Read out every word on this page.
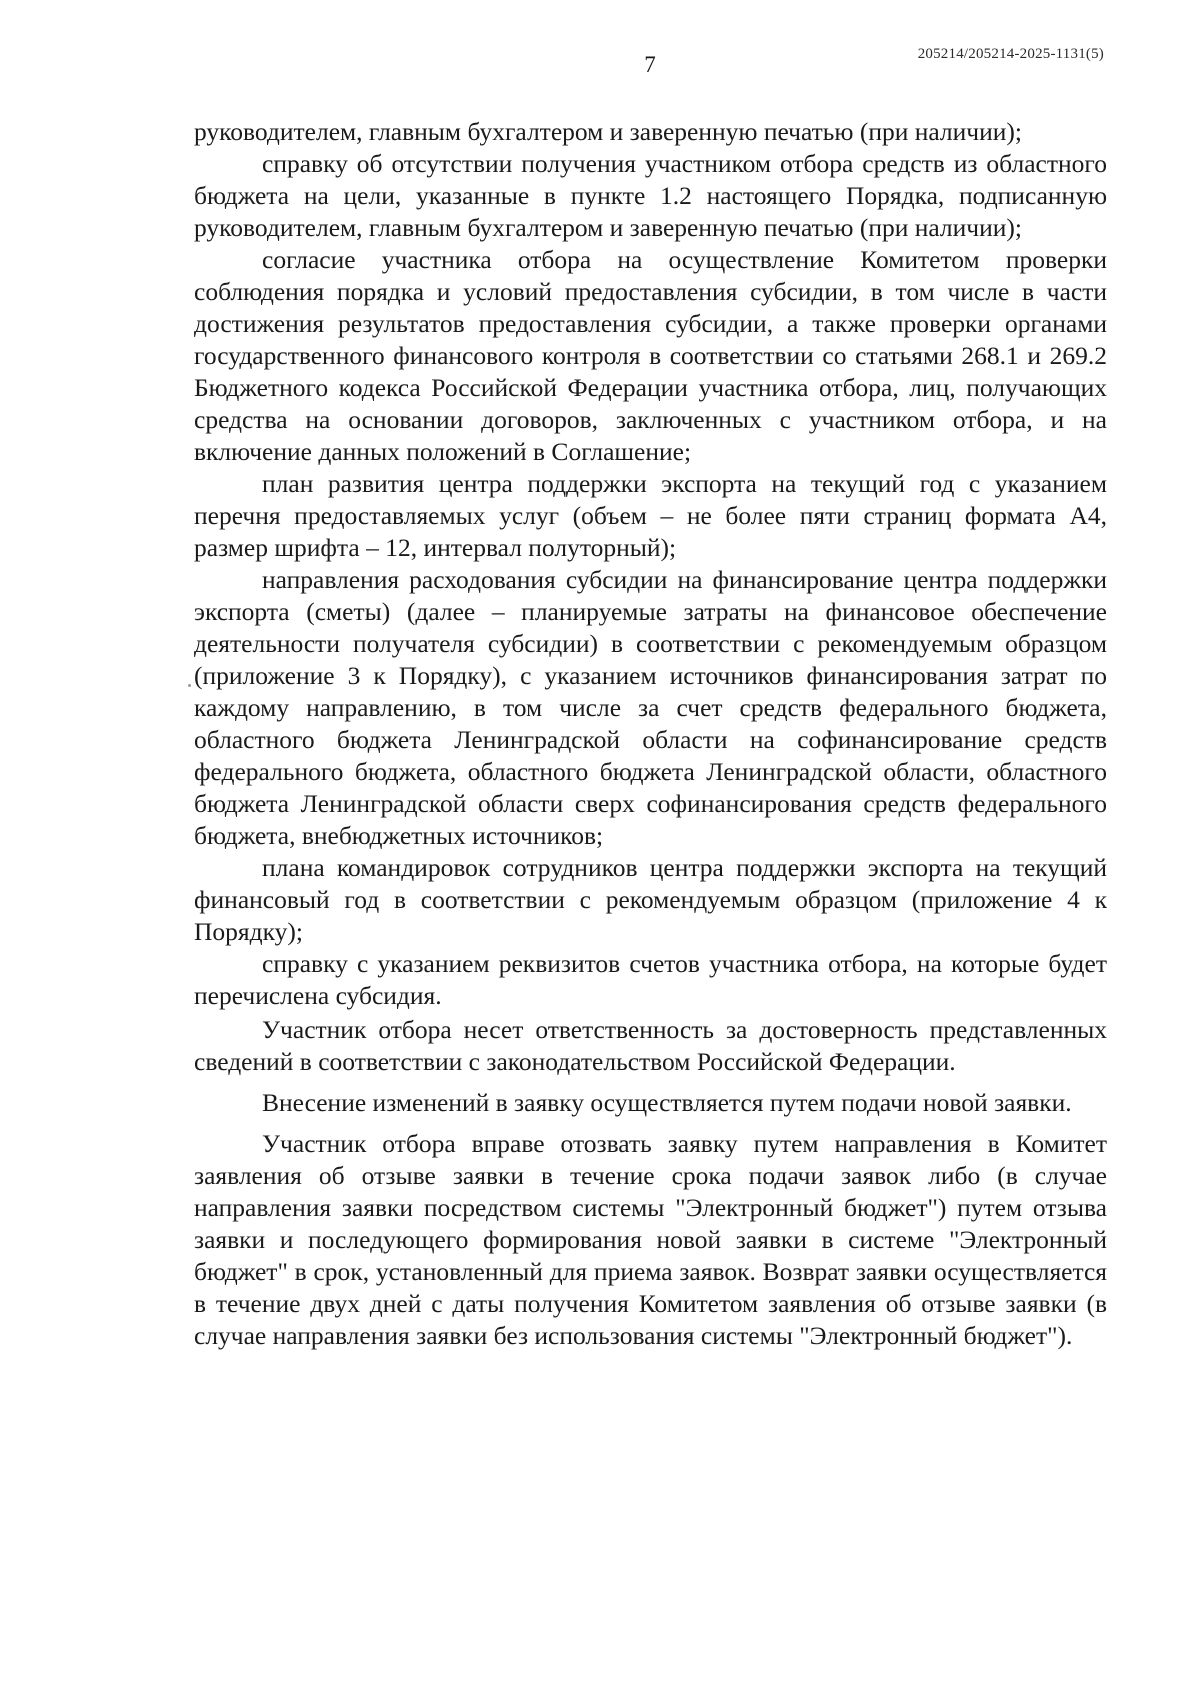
205214/205214-2025-1131(5)
7

руководителем, главным бухгалтером и заверенную печатью (при наличии);

справку об отсутствии получения участником отбора средств из областного бюджета на цели, указанные в пункте 1.2 настоящего Порядка, подписанную руководителем, главным бухгалтером и заверенную печатью (при наличии);

согласие участника отбора на осуществление Комитетом проверки соблюдения порядка и условий предоставления субсидии, в том числе в части достижения результатов предоставления субсидии, а также проверки органами государственного финансового контроля в соответствии со статьями 268.1 и 269.2 Бюджетного кодекса Российской Федерации участника отбора, лиц, получающих средства на основании договоров, заключенных с участником отбора, и на включение данных положений в Соглашение;

план развития центра поддержки экспорта на текущий год с указанием перечня предоставляемых услуг (объем – не более пяти страниц формата А4, размер шрифта – 12, интервал полуторный);

направления расходования субсидии на финансирование центра поддержки экспорта (сметы) (далее – планируемые затраты на финансовое обеспечение деятельности получателя субсидии) в соответствии с рекомендуемым образцом (приложение 3 к Порядку), с указанием источников финансирования затрат по каждому направлению, в том числе за счет средств федерального бюджета, областного бюджета Ленинградской области на софинансирование средств федерального бюджета, областного бюджета Ленинградской области, областного бюджета Ленинградской области сверх софинансирования средств федерального бюджета, внебюджетных источников;

плана командировок сотрудников центра поддержки экспорта на текущий финансовый год в соответствии с рекомендуемым образцом (приложение 4 к Порядку);

справку с указанием реквизитов счетов участника отбора, на которые будет перечислена субсидия.

Участник отбора несет ответственность за достоверность представленных сведений в соответствии с законодательством Российской Федерации.

Внесение изменений в заявку осуществляется путем подачи новой заявки.

Участник отбора вправе отозвать заявку путем направления в Комитет заявления об отзыве заявки в течение срока подачи заявок либо (в случае направления заявки посредством системы "Электронный бюджет") путем отзыва заявки и последующего формирования новой заявки в системе "Электронный бюджет" в срок, установленный для приема заявок. Возврат заявки осуществляется в течение двух дней с даты получения Комитетом заявления об отзыве заявки (в случае направления заявки без использования системы "Электронный бюджет").
